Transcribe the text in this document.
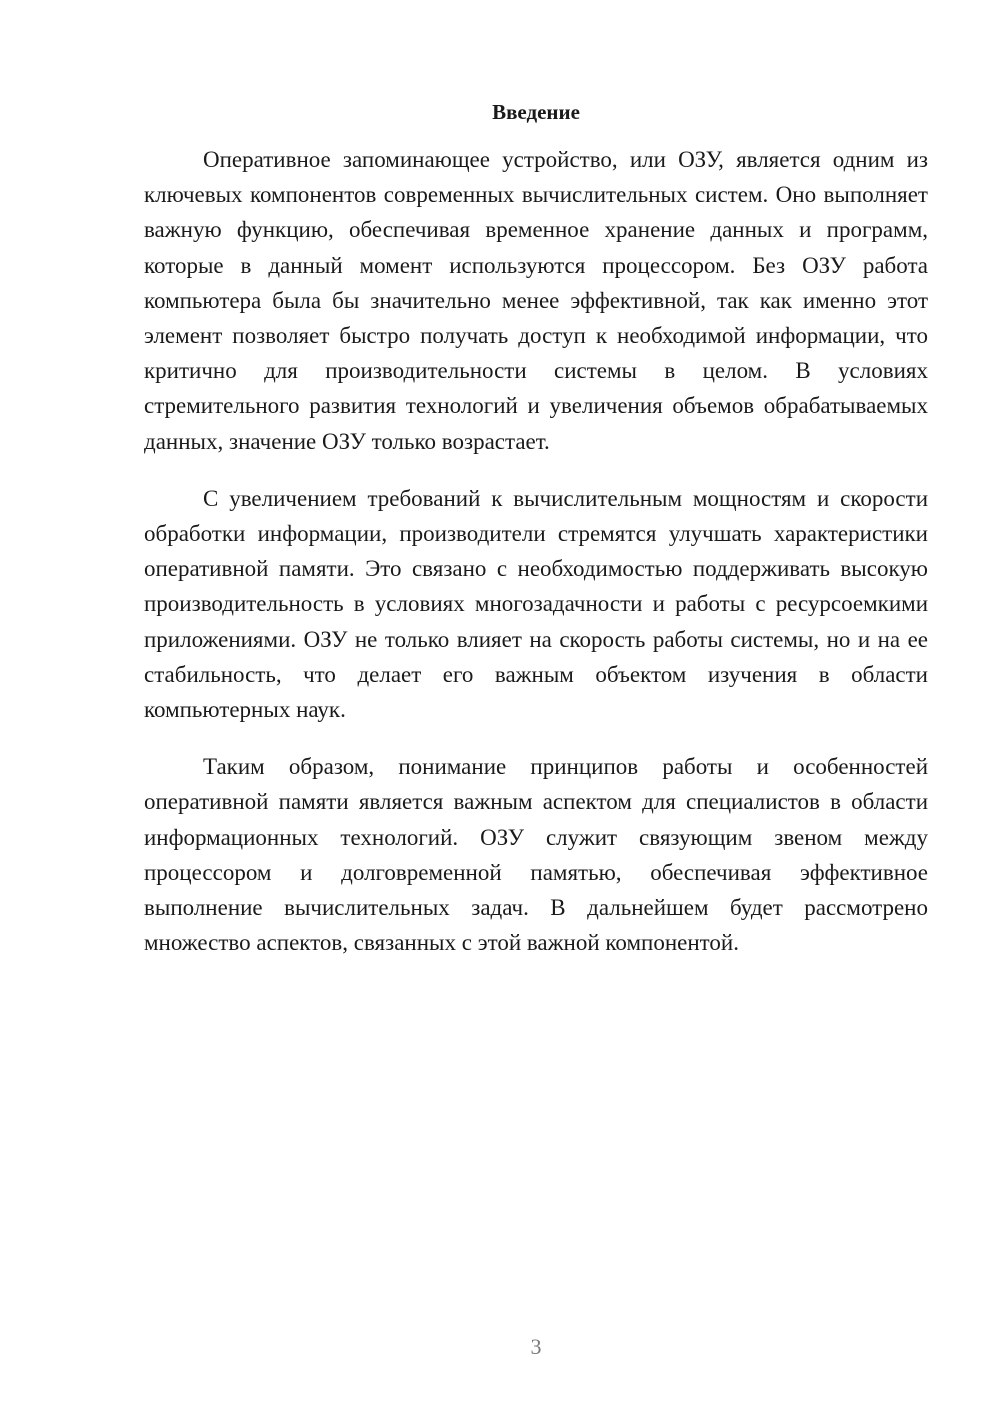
Введение

Оперативное запоминающее устройство, или ОЗУ, является одним из ключевых компонентов современных вычислительных систем. Оно выполняет важную функцию, обеспечивая временное хранение данных и программ, которые в данный момент используются процессором. Без ОЗУ работа компьютера была бы значительно менее эффективной, так как именно этот элемент позволяет быстро получать доступ к необходимой информации, что критично для производительности системы в целом. В условиях стремительного развития технологий и увеличения объемов обрабатываемых данных, значение ОЗУ только возрастает.

С увеличением требований к вычислительным мощностям и скорости обработки информации, производители стремятся улучшать характеристики оперативной памяти. Это связано с необходимостью поддерживать высокую производительность в условиях многозадачности и работы с ресурсоемкими приложениями. ОЗУ не только влияет на скорость работы системы, но и на ее стабильность, что делает его важным объектом изучения в области компьютерных наук.

Таким образом, понимание принципов работы и особенностей оперативной памяти является важным аспектом для специалистов в области информационных технологий. ОЗУ служит связующим звеном между процессором и долговременной памятью, обеспечивая эффективное выполнение вычислительных задач. В дальнейшем будет рассмотрено множество аспектов, связанных с этой важной компонентой.

3
